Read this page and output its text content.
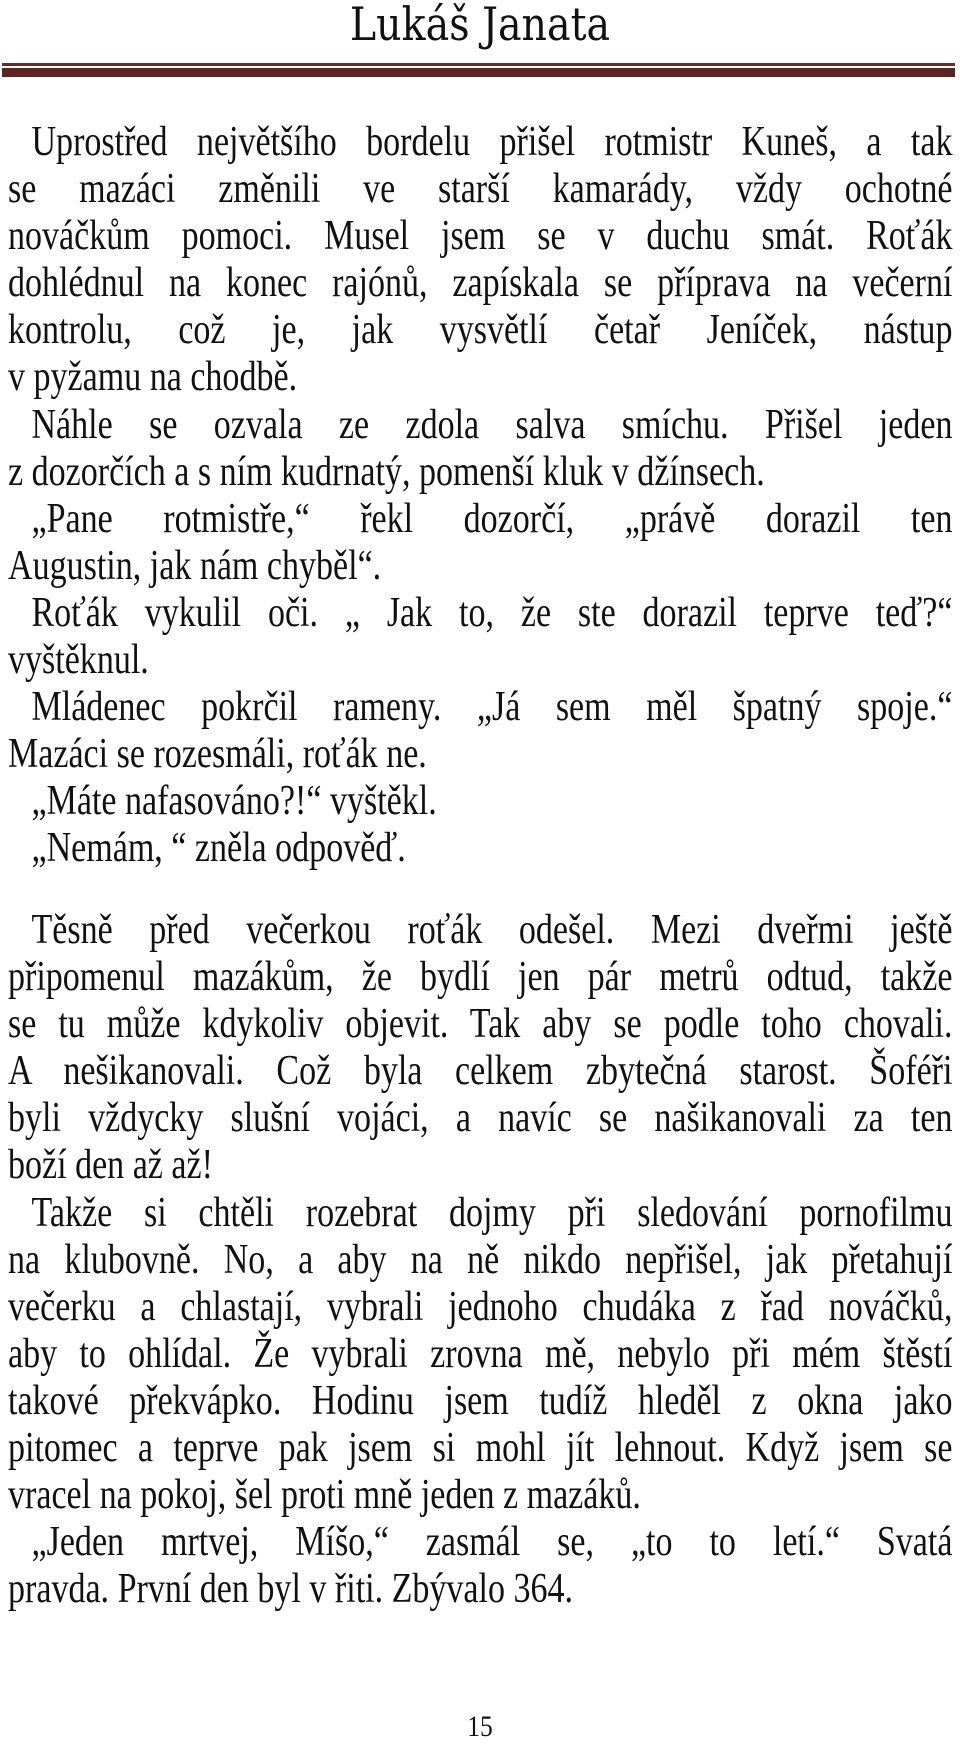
Lukáš Janata
Uprostřed největšího bordelu přišel rotmistr Kuneš, a tak
se mazáci změnili ve starší kamarády, vždy ochotné
nováčkům pomoci. Musel jsem se v duchu smát. Roťák
dohlédnul na konec rajónů, zapískala se příprava na večerní
kontrolu, což je, jak vysvětlí četař Jeníček, nástup
v pyžamu na chodbě.
Náhle se ozvala ze zdola salva smíchu. Přišel jeden
z dozorčích a s ním kudrnatý, pomenší kluk v džínsech.
„Pane rotmistře,“ řekl dozorčí, „právě dorazil ten
Augustin, jak nám chyběl“.
Roťák vykulil oči. „ Jak to, že ste dorazil teprve teď?“
vyštěknul.
Mládenec pokrčil rameny. „Já sem měl špatný spoje.“
Mazáci se rozesmáli, roťák ne.
„Máte nafasováno?!“ vyštěkl.
„Nemám, “ zněla odpověď.
Těsně před večerkou roťák odešel. Mezi dveřmi ještě
připomenul mazákům, že bydlí jen pár metrů odtud, takže
se tu může kdykoliv objevit. Tak aby se podle toho chovali.
A nešikanovali. Což byla celkem zbytečná starost. Šoféři
byli vždycky slušní vojáci, a navíc se našikanovali za ten
boží den až až!
Takže si chtěli rozebrat dojmy při sledování pornofilmu
na klubovně. No, a aby na ně nikdo nepřišel, jak přetahují
večerku a chlastají, vybrali jednoho chudáka z řad nováčků,
aby to ohlídal. Že vybrali zrovna mě, nebylo při mém štěstí
takové překvápko. Hodinu jsem tudíž hleděl z okna jako
pitomec a teprve pak jsem si mohl jít lehnout. Když jsem se
vracel na pokoj, šel proti mně jeden z mazáků.
„Jeden mrtvej, Míšo,“ zasmál se, „to to letí.“ Svatá
pravda. První den byl v řiti. Zbývalo 364.
15
